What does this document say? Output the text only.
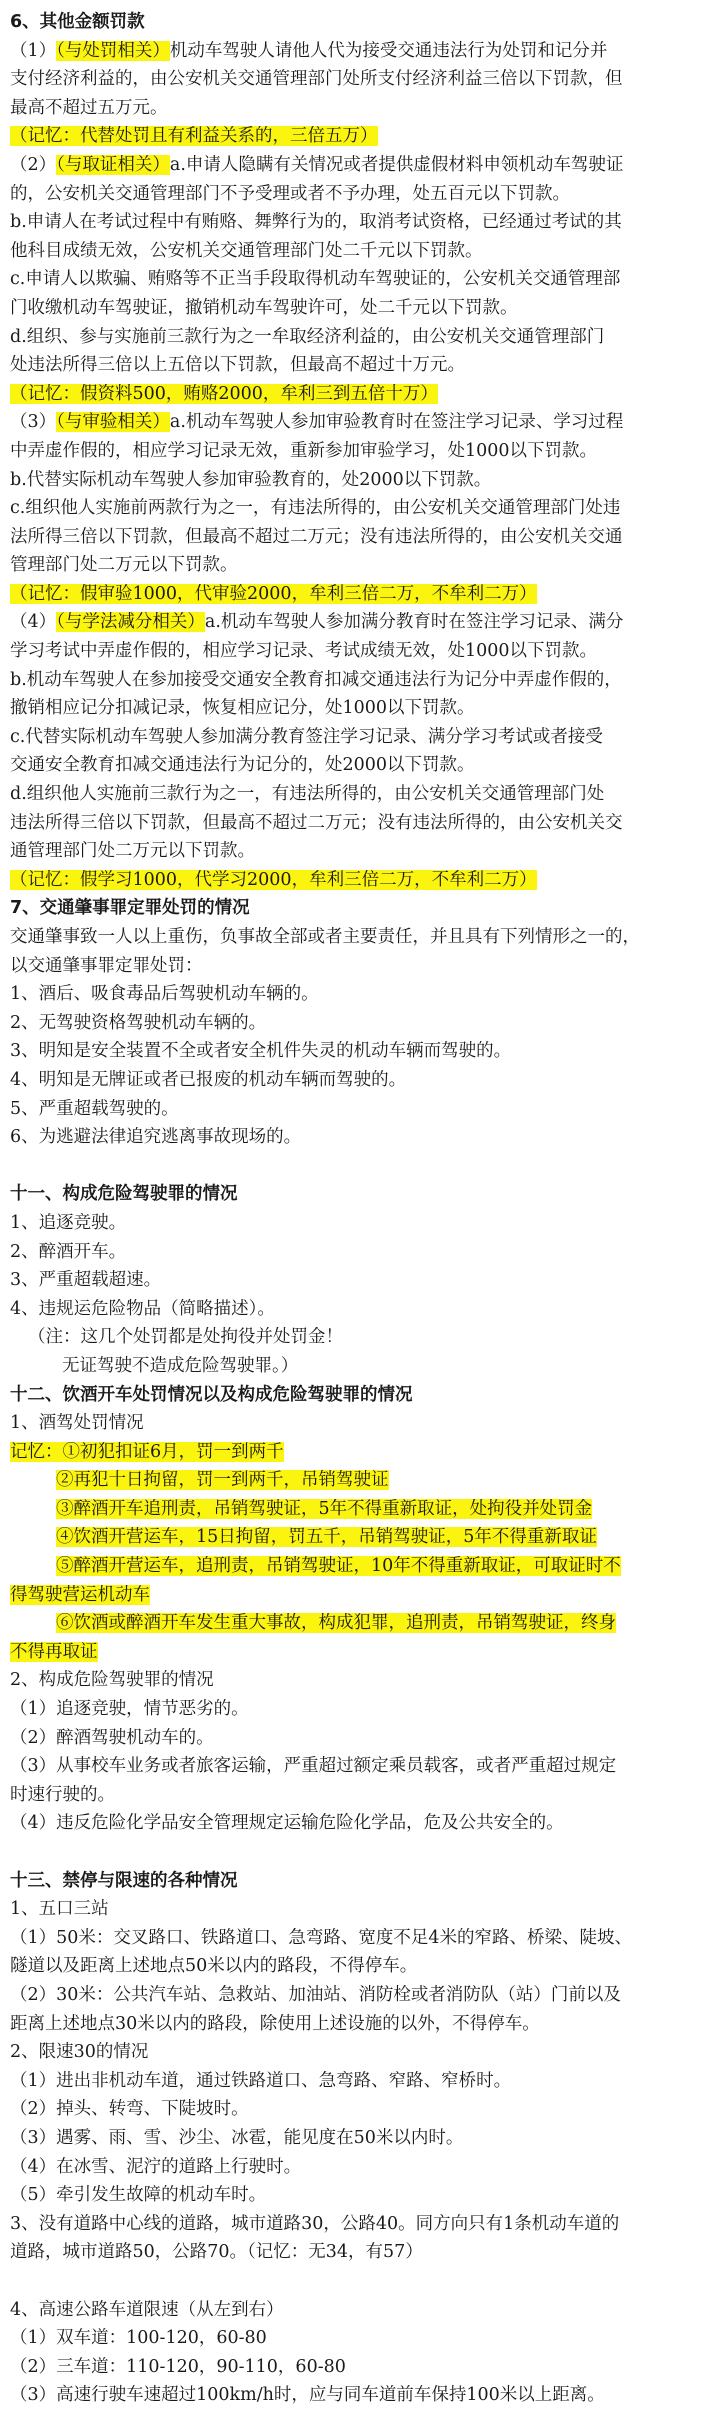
6、其他金额罚款
（1）（与处罚相关）机动车驾驶人请他人代为接受交通违法行为处罚和记分并
支付经济利益的，由公安机关交通管理部门处所支付经济利益三倍以下罚款，但
最高不超过五万元。
（记忆：代替处罚且有利益关系的，三倍五万）
（2）（与取证相关）a.申请人隐瞒有关情况或者提供虚假材料申领机动车驾驶证
的，公安机关交通管理部门不予受理或者不予办理，处五百元以下罚款。
b.申请人在考试过程中有贿赂、舞弊行为的，取消考试资格，已经通过考试的其
他科目成绩无效，公安机关交通管理部门处二千元以下罚款。
c.申请人以欺骗、贿赂等不正当手段取得机动车驾驶证的，公安机关交通管理部
门收缴机动车驾驶证，撤销机动车驾驶许可，处二千元以下罚款。
d.组织、参与实施前三款行为之一牟取经济利益的，由公安机关交通管理部门
处违法所得三倍以上五倍以下罚款，但最高不超过十万元。
（记忆：假资料500，贿赂2000，牟利三到五倍十万）
（3）（与审验相关）a.机动车驾驶人参加审验教育时在签注学习记录、学习过程
中弄虚作假的，相应学习记录无效，重新参加审验学习，处1000以下罚款。
b.代替实际机动车驾驶人参加审验教育的，处2000以下罚款。
c.组织他人实施前两款行为之一，有违法所得的，由公安机关交通管理部门处违
法所得三倍以下罚款，但最高不超过二万元；没有违法所得的，由公安机关交通
管理部门处二万元以下罚款。
（记忆：假审验1000，代审验2000，牟利三倍二万，不牟利二万）
（4）（与学法减分相关）a.机动车驾驶人参加满分教育时在签注学习记录、满分
学习考试中弄虚作假的，相应学习记录、考试成绩无效，处1000以下罚款。
b.机动车驾驶人在参加接受交通安全教育扣减交通违法行为记分中弄虚作假的，
撤销相应记分扣减记录，恢复相应记分，处1000以下罚款。
c.代替实际机动车驾驶人参加满分教育签注学习记录、满分学习考试或者接受
交通安全教育扣减交通违法行为记分的，处2000以下罚款。
d.组织他人实施前三款行为之一，有违法所得的，由公安机关交通管理部门处
违法所得三倍以下罚款，但最高不超过二万元；没有违法所得的，由公安机关交
通管理部门处二万元以下罚款。
（记忆：假学习1000，代学习2000，牟利三倍二万，不牟利二万）
7、交通肇事罪定罪处罚的情况
交通肇事致一人以上重伤，负事故全部或者主要责任，并且具有下列情形之一的，
以交通肇事罪定罪处罚：
1、酒后、吸食毒品后驾驶机动车辆的。
2、无驾驶资格驾驶机动车辆的。
3、明知是安全装置不全或者安全机件失灵的机动车辆而驾驶的。
4、明知是无牌证或者已报废的机动车辆而驾驶的。
5、严重超载驾驶的。
6、为逃避法律追究逃离事故现场的。
十一、构成危险驾驶罪的情况
1、追逐竞驶。
2、醉酒开车。
3、严重超载超速。
4、违规运危险物品（简略描述）。
（注：这几个处罚都是处拘役并处罚金！
无证驾驶不造成危险驾驶罪。）
十二、饮酒开车处罚情况以及构成危险驾驶罪的情况
1、酒驾处罚情况
记忆：①初犯扣证6月，罚一到两千
②再犯十日拘留，罚一到两千，吊销驾驶证
③醉酒开车追刑责，吊销驾驶证，5年不得重新取证，处拘役并处罚金
④饮酒开营运车，15日拘留，罚五千，吊销驾驶证，5年不得重新取证
⑤醉酒开营运车，追刑责，吊销驾驶证，10年不得重新取证，可取证时不
得驾驶营运机动车
⑥饮酒或醉酒开车发生重大事故，构成犯罪，追刑责，吊销驾驶证，终身
不得再取证
2、构成危险驾驶罪的情况
（1）追逐竞驶，情节恶劣的。
（2）醉酒驾驶机动车的。
（3）从事校车业务或者旅客运输，严重超过额定乘员载客，或者严重超过规定
时速行驶的。
（4）违反危险化学品安全管理规定运输危险化学品，危及公共安全的。
十三、禁停与限速的各种情况
1、五口三站
（1）50米：交叉路口、铁路道口、急弯路、宽度不足4米的窄路、桥梁、陡坡、
隧道以及距离上述地点50米以内的路段，不得停车。
（2）30米：公共汽车站、急救站、加油站、消防栓或者消防队（站）门前以及
距离上述地点30米以内的路段，除使用上述设施的以外，不得停车。
2、限速30的情况
（1）进出非机动车道，通过铁路道口、急弯路、窄路、窄桥时。
（2）掉头、转弯、下陡坡时。
（3）遇雾、雨、雪、沙尘、冰雹，能见度在50米以内时。
（4）在冰雪、泥泞的道路上行驶时。
（5）牵引发生故障的机动车时。
3、没有道路中心线的道路，城市道路30，公路40。同方向只有1条机动车道的
道路，城市道路50，公路70。（记忆：无34，有57）
4、高速公路车道限速（从左到右）
（1）双车道：100-120，60-80
（2）三车道：110-120，90-110，60-80
（3）高速行驶车速超过100km/h时，应与同车道前车保持100米以上距离。
